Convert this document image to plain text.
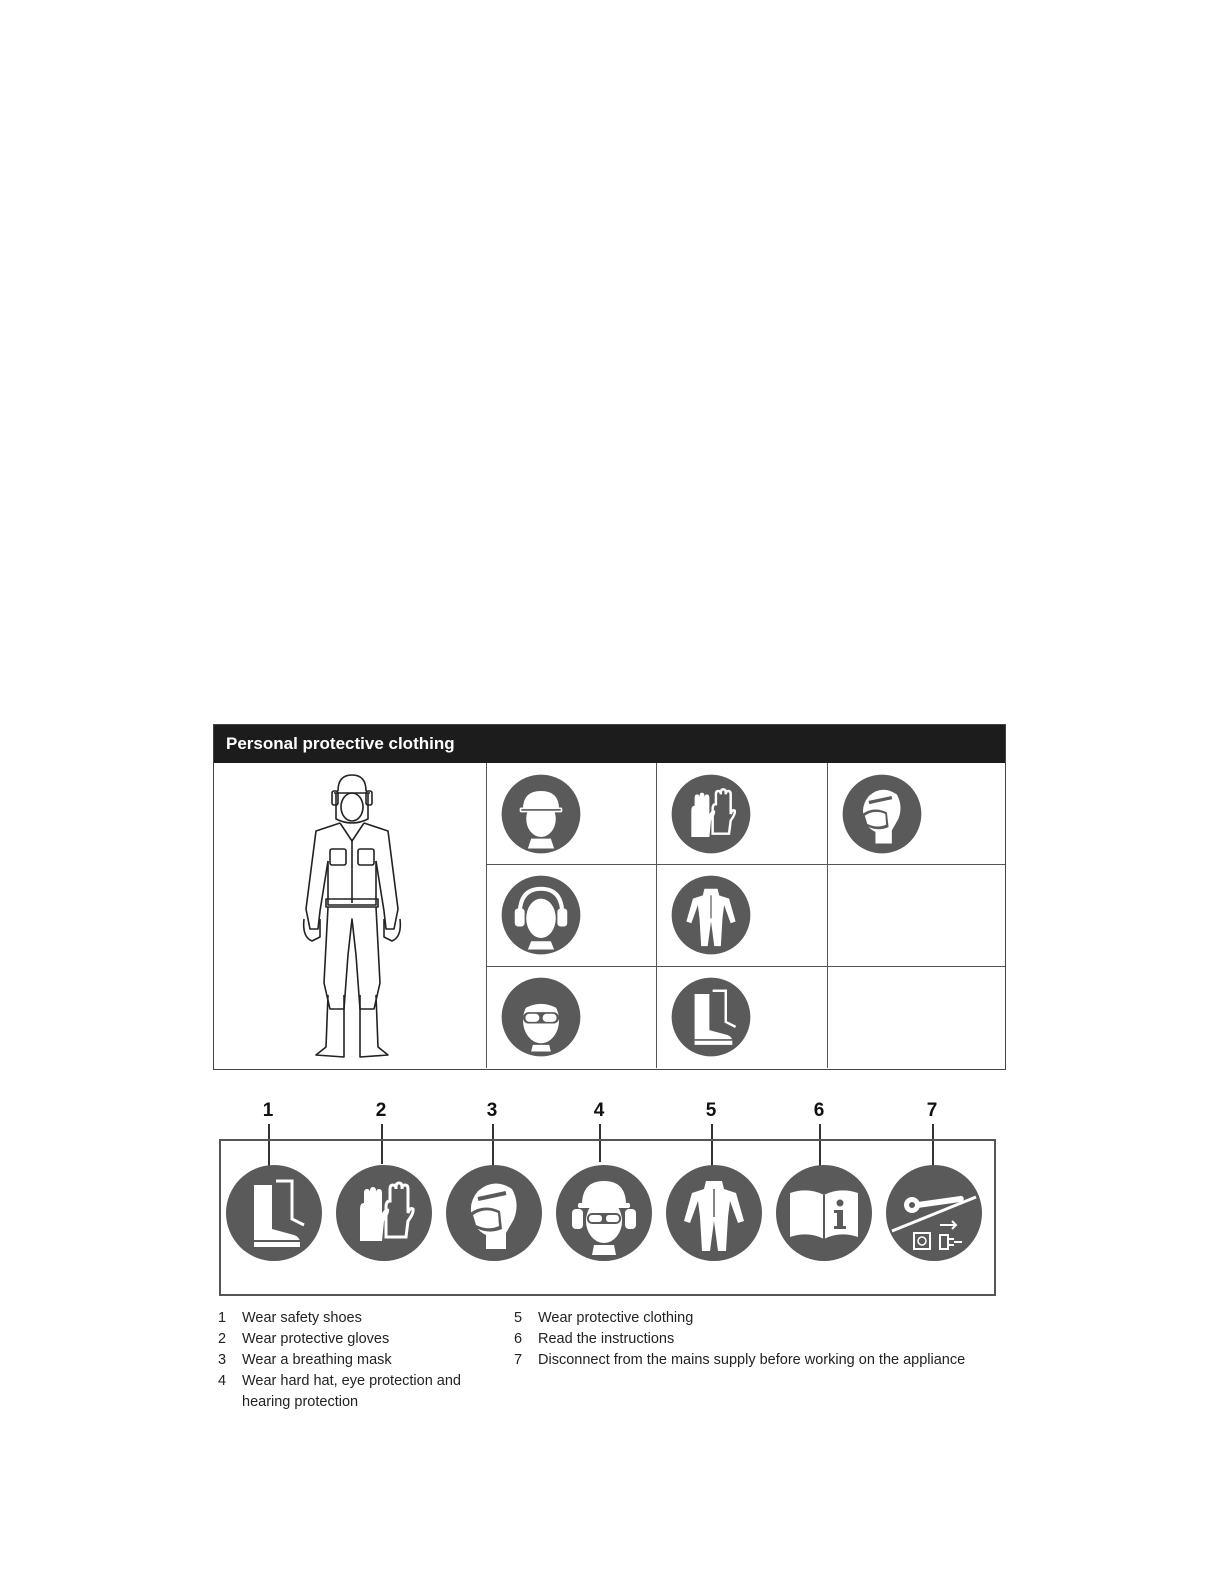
Personal protective clothing
1	2	3	4	5	6	7
1	Wear safety shoes
2	Wear protective gloves
3	Wear a breathing mask
4	Wear hard hat, eye protection and
hearing protection
5	Wear protective clothing
6	Read the instructions
7	Disconnect from the mains supply before working on the appliance
